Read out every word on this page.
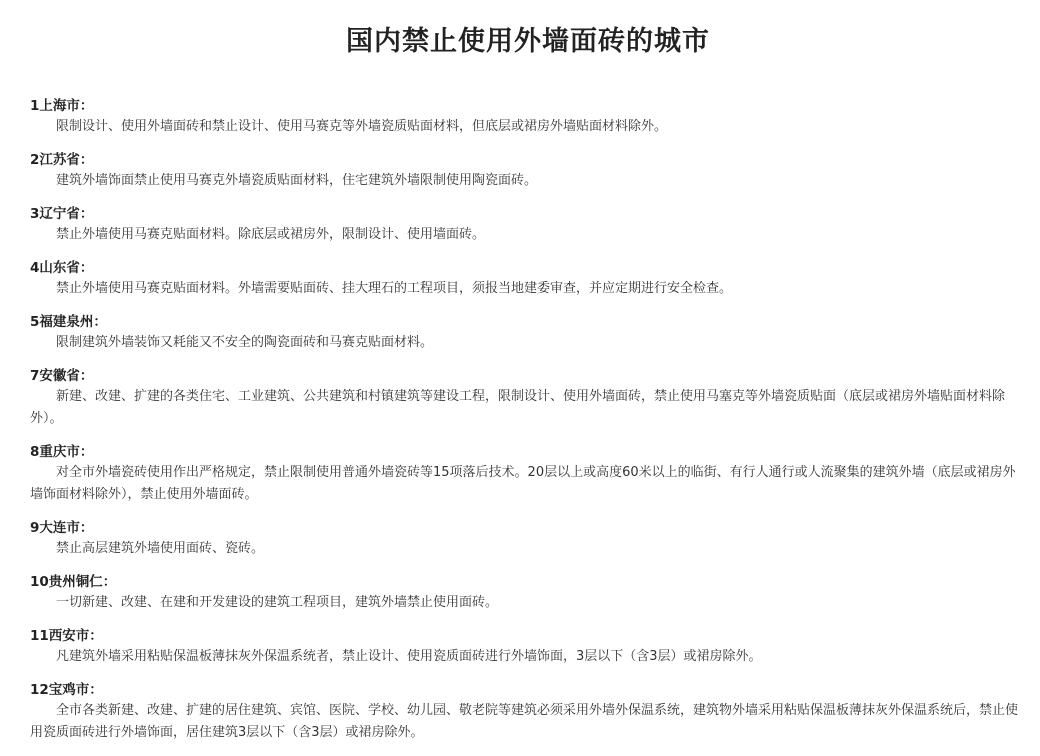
国内禁止使用外墙面砖的城市
1上海市：

限制设计、使用外墙面砖和禁止设计、使用马赛克等外墙瓷质贴面材料，但底层或裙房外墙贴面材料除外。

2江苏省：

建筑外墙饰面禁止使用马赛克外墙瓷质贴面材料，住宅建筑外墙限制使用陶瓷面砖。

3辽宁省：

禁止外墙使用马赛克贴面材料。除底层或裙房外，限制设计、使用墙面砖。

4山东省：

禁止外墙使用马赛克贴面材料。外墙需要贴面砖、挂大理石的工程项目，须报当地建委审查，并应定期进行安全检查。

5福建泉州：

限制建筑外墙装饰又耗能又不安全的陶瓷面砖和马赛克贴面材料。

7安徽省：

新建、改建、扩建的各类住宅、工业建筑、公共建筑和村镇建筑等建设工程，限制设计、使用外墙面砖，禁止使用马塞克等外墙瓷质贴面（底层或裙房外墙贴面材料除外）。

8重庆市：

对全市外墙瓷砖使用作出严格规定，禁止限制使用普通外墙瓷砖等15项落后技术。20层以上或高度60米以上的临街、有行人通行或人流聚集的建筑外墙（底层或裙房外墙饰面材料除外），禁止使用外墙面砖。

9大连市：

禁止高层建筑外墙使用面砖、瓷砖。

10贵州铜仁：

一切新建、改建、在建和开发建设的建筑工程项目，建筑外墙禁止使用面砖。

11西安市：

凡建筑外墙采用粘贴保温板薄抹灰外保温系统者，禁止设计、使用瓷质面砖进行外墙饰面，3层以下（含3层）或裙房除外。

12宝鸡市：

全市各类新建、改建、扩建的居住建筑、宾馆、医院、学校、幼儿园、敬老院等建筑必须采用外墙外保温系统，建筑物外墙采用粘贴保温板薄抹灰外保温系统后，禁止使用瓷质面砖进行外墙饰面，居住建筑3层以下（含3层）或裙房除外。
